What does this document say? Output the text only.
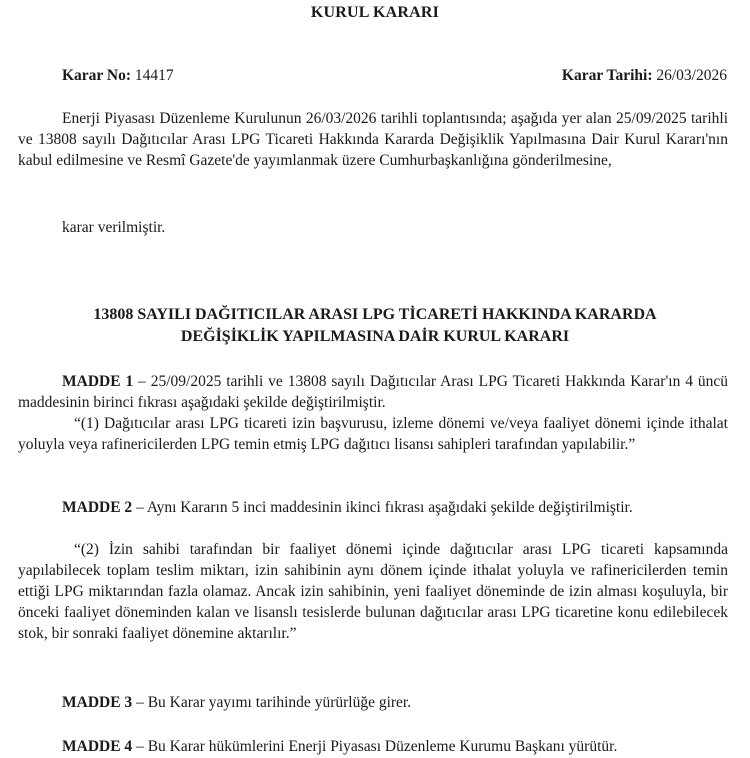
KURUL KARARI
Karar No: 14417	Karar Tarihi: 26/03/2026

Enerji Piyasası Düzenleme Kurulunun 26/03/2026 tarihli toplantısında; aşağıda yer alan 25/09/2025 tarihli ve 13808 sayılı Dağıtıcılar Arası LPG Ticareti Hakkında Kararda Değişiklik Yapılmasına Dair Kurul Kararı'nın kabul edilmesine ve Resmî Gazete'de yayımlanmak üzere Cumhurbaşkanlığına gönderilmesine,

karar verilmiştir.

13808 SAYILI DAĞITICILAR ARASI LPG TİCARETİ HAKKINDA KARARDA
DEĞİŞİKLİK YAPILMASINA DAİR KURUL KARARI

MADDE 1 – 25/09/2025 tarihli ve 13808 sayılı Dağıtıcılar Arası LPG Ticareti Hakkında Karar'ın 4 üncü maddesinin birinci fıkrası aşağıdaki şekilde değiştirilmiştir.

“(1) Dağıtıcılar arası LPG ticareti izin başvurusu, izleme dönemi ve/veya faaliyet dönemi içinde ithalat yoluyla veya rafinericilerden LPG temin etmiş LPG dağıtıcı lisansı sahipleri tarafından yapılabilir.”

MADDE 2 – Aynı Kararın 5 inci maddesinin ikinci fıkrası aşağıdaki şekilde değiştirilmiştir.

“(2) İzin sahibi tarafından bir faaliyet dönemi içinde dağıtıcılar arası LPG ticareti kapsamında yapılabilecek toplam teslim miktarı, izin sahibinin aynı dönem içinde ithalat yoluyla ve rafinericilerden temin ettiği LPG miktarından fazla olamaz. Ancak izin sahibinin, yeni faaliyet döneminde de izin alması koşuluyla, bir önceki faaliyet döneminden kalan ve lisanslı tesislerde bulunan dağıtıcılar arası LPG ticaretine konu edilebilecek stok, bir sonraki faaliyet dönemine aktarılır.”

MADDE 3 – Bu Karar yayımı tarihinde yürürlüğe girer.

MADDE 4 – Bu Karar hükümlerini Enerji Piyasası Düzenleme Kurumu Başkanı yürütür.
